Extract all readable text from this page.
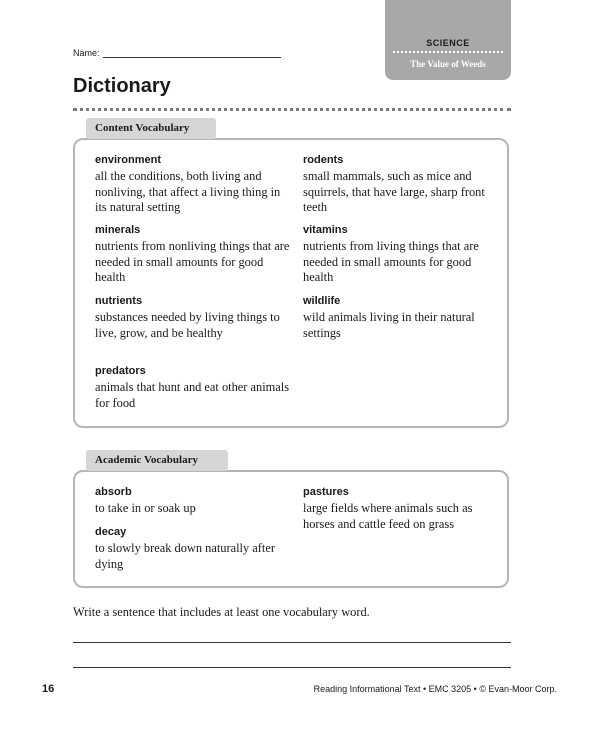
SCIENCE
The Value of Weeds
Name:
Dictionary
Content Vocabulary
environment
all the conditions, both living and nonliving, that affect a living thing in its natural setting
minerals
nutrients from nonliving things that are needed in small amounts for good health
nutrients
substances needed by living things to live, grow, and be healthy
predators
animals that hunt and eat other animals for food
rodents
small mammals, such as mice and squirrels, that have large, sharp front teeth
vitamins
nutrients from living things that are needed in small amounts for good health
wildlife
wild animals living in their natural settings
Academic Vocabulary
absorb
to take in or soak up
decay
to slowly break down naturally after dying
pastures
large fields where animals such as horses and cattle feed on grass
Write a sentence that includes at least one vocabulary word.
16	Reading Informational Text • EMC 3205 • © Evan-Moor Corp.
